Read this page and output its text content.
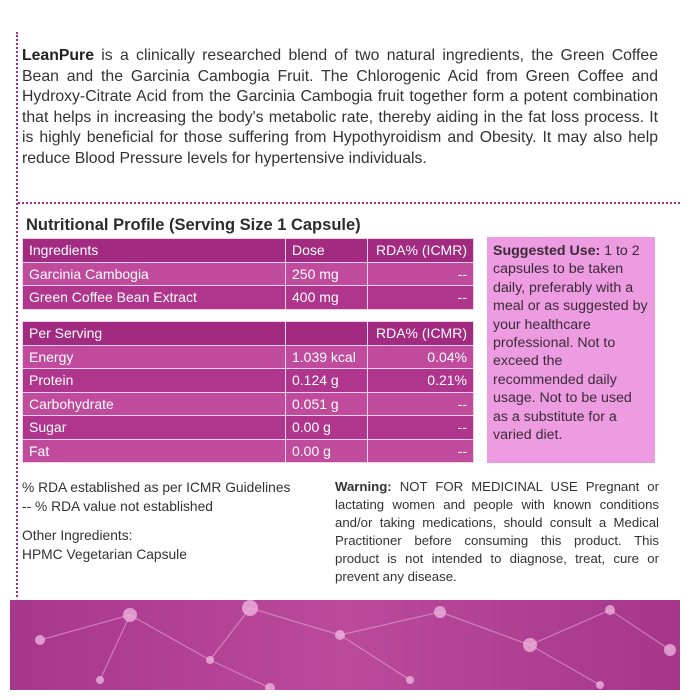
LeanPure is a clinically researched blend of two natural ingredients, the Green Coffee Bean and the Garcinia Cambogia Fruit. The Chlorogenic Acid from Green Coffee and Hydroxy-Citrate Acid from the Garcinia Cambogia fruit together form a potent combination that helps in increasing the body's metabolic rate, thereby aiding in the fat loss process. It is highly beneficial for those suffering from Hypothyroidism and Obesity. It may also help reduce Blood Pressure levels for hypertensive individuals.

Nutritional Profile (Serving Size 1 Capsule)
Ingredients	Dose	RDA% (ICMR)
Garcinia Cambogia	250 mg	--
Green Coffee Bean Extract	400 mg	--
Per Serving		RDA% (ICMR)
Energy	1.039 kcal	0.04%
Protein	0.124 g	0.21%
Carbohydrate	0.051 g	--
Sugar	0.00 g	--
Fat	0.00 g	--
Suggested Use: 1 to 2 capsules to be taken daily, preferably with a meal or as suggested by your healthcare professional. Not to exceed the recommended daily usage. Not to be used as a substitute for a varied diet.
% RDA established as per ICMR Guidelines
-- % RDA value not established
Other Ingredients:
HPMC Vegetarian Capsule
Warning: NOT FOR MEDICINAL USE Pregnant or lactating women and people with known conditions and/or taking medications, should consult a Medical Practitioner before consuming this product. This product is not intended to diagnose, treat, cure or prevent any disease.
